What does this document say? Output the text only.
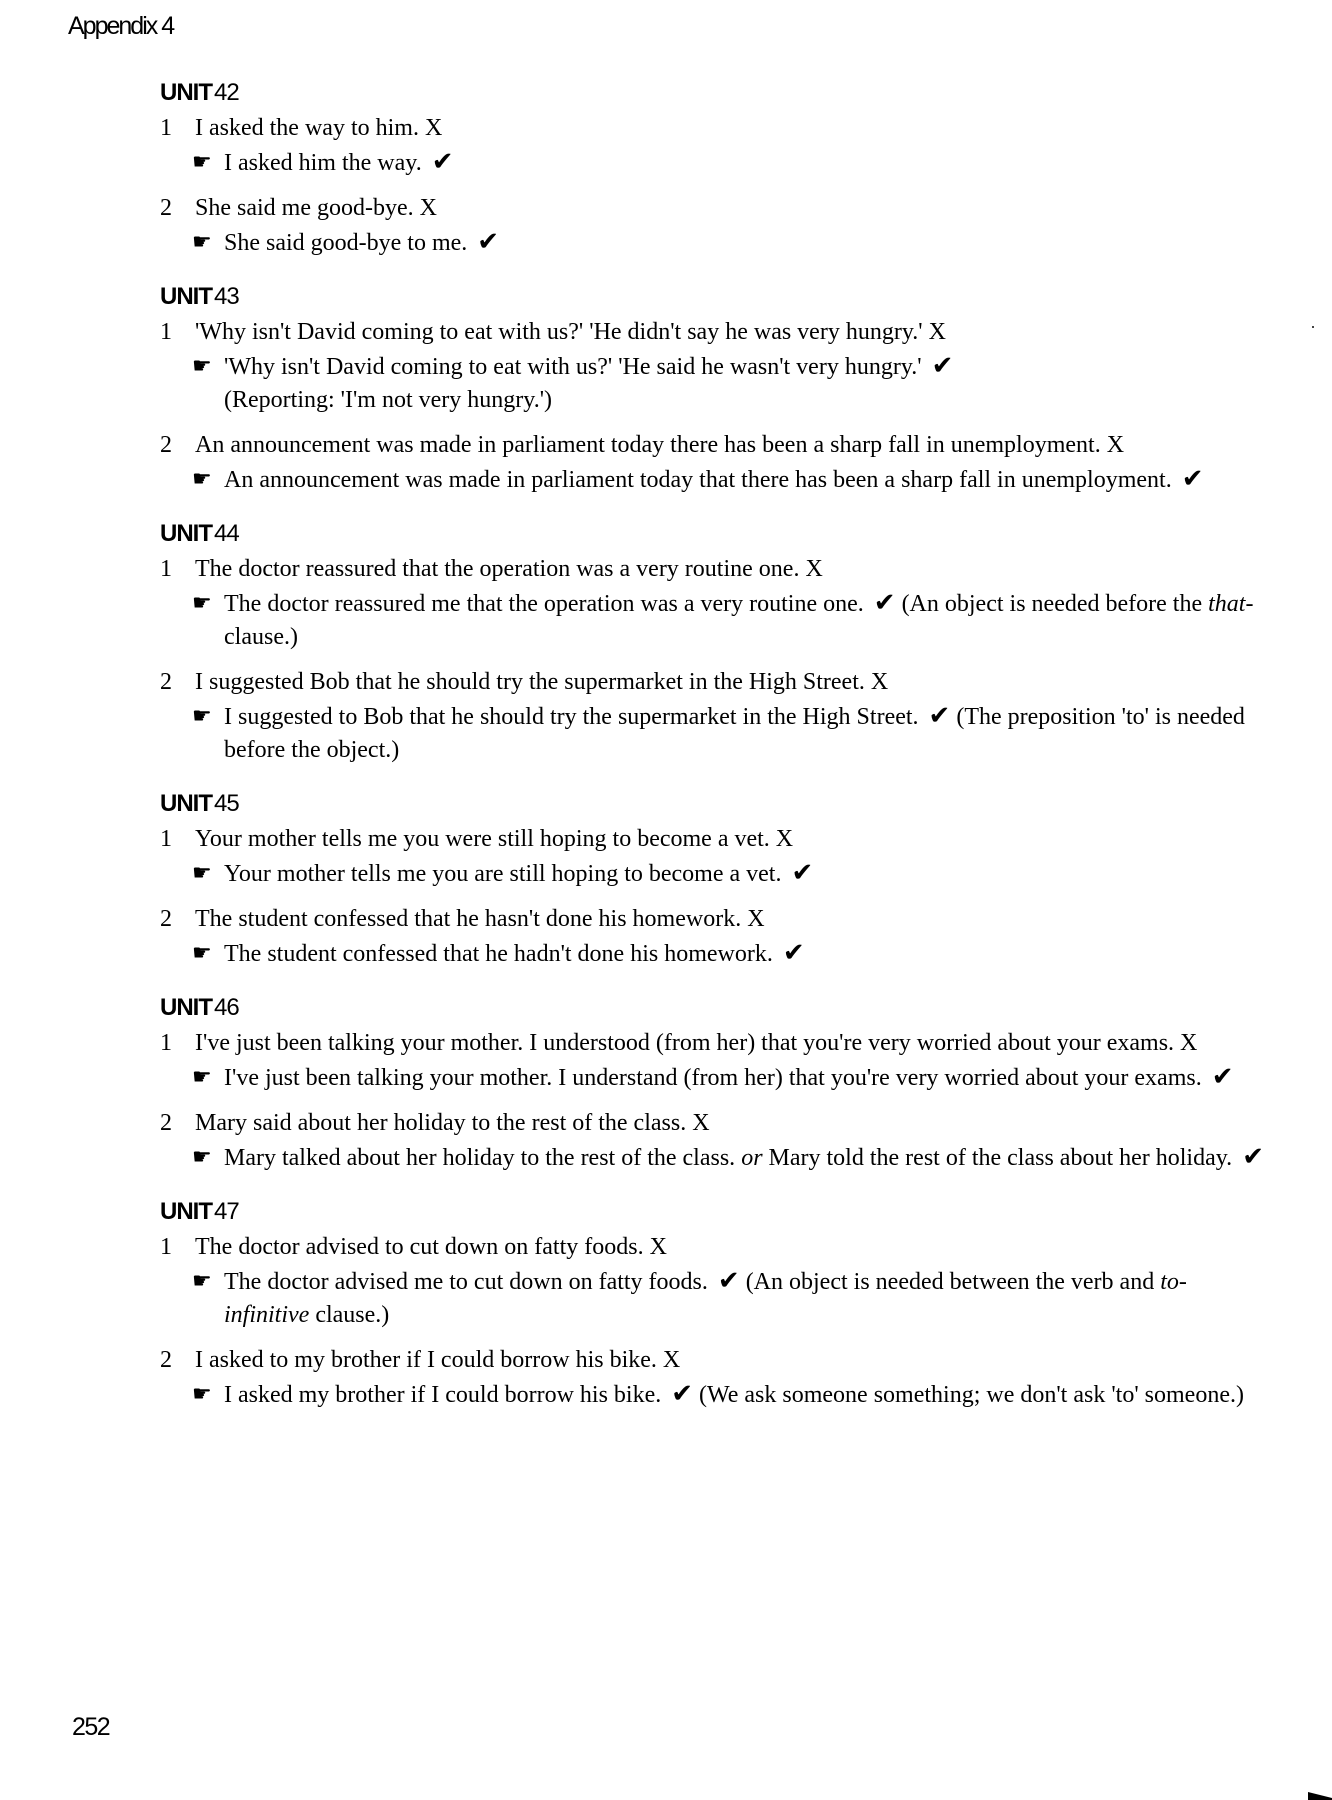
Appendix 4
UNIT42
1 I asked the way to him. X
☛ I asked him the way. ✔
2 She said me good-bye. X
☛ She said good-bye to me. ✔
UNIT43
1 'Why isn't David coming to eat with us?' 'He didn't say he was very hungry.' X
☛ 'Why isn't David coming to eat with us?' 'He said he wasn't very hungry.' ✔
(Reporting: 'I'm not very hungry.')
2 An announcement was made in parliament today there has been a sharp fall in unemployment. X
☛ An announcement was made in parliament today that there has been a sharp fall in unemployment. ✔
UNIT44
1 The doctor reassured that the operation was a very routine one. X
☛ The doctor reassured me that the operation was a very routine one. ✔ (An object is needed before the that-clause.)
2 I suggested Bob that he should try the supermarket in the High Street. X
☛ I suggested to Bob that he should try the supermarket in the High Street. ✔ (The preposition 'to' is needed before the object.)
UNIT45
1 Your mother tells me you were still hoping to become a vet. X
☛ Your mother tells me you are still hoping to become a vet. ✔
2 The student confessed that he hasn't done his homework. X
☛ The student confessed that he hadn't done his homework. ✔
UNIT46
1 I've just been talking your mother. I understood (from her) that you're very worried about your exams. X
☛ I've just been talking your mother. I understand (from her) that you're very worried about your exams. ✔
2 Mary said about her holiday to the rest of the class. X
☛ Mary talked about her holiday to the rest of the class. or Mary told the rest of the class about her holiday. ✔
UNIT47
1 The doctor advised to cut down on fatty foods. X
☛ The doctor advised me to cut down on fatty foods. ✔ (An object is needed between the verb and to-infinitive clause.)
2 I asked to my brother if I could borrow his bike. X
☛ I asked my brother if I could borrow his bike. ✔ (We ask someone something; we don't ask 'to' someone.)
252
